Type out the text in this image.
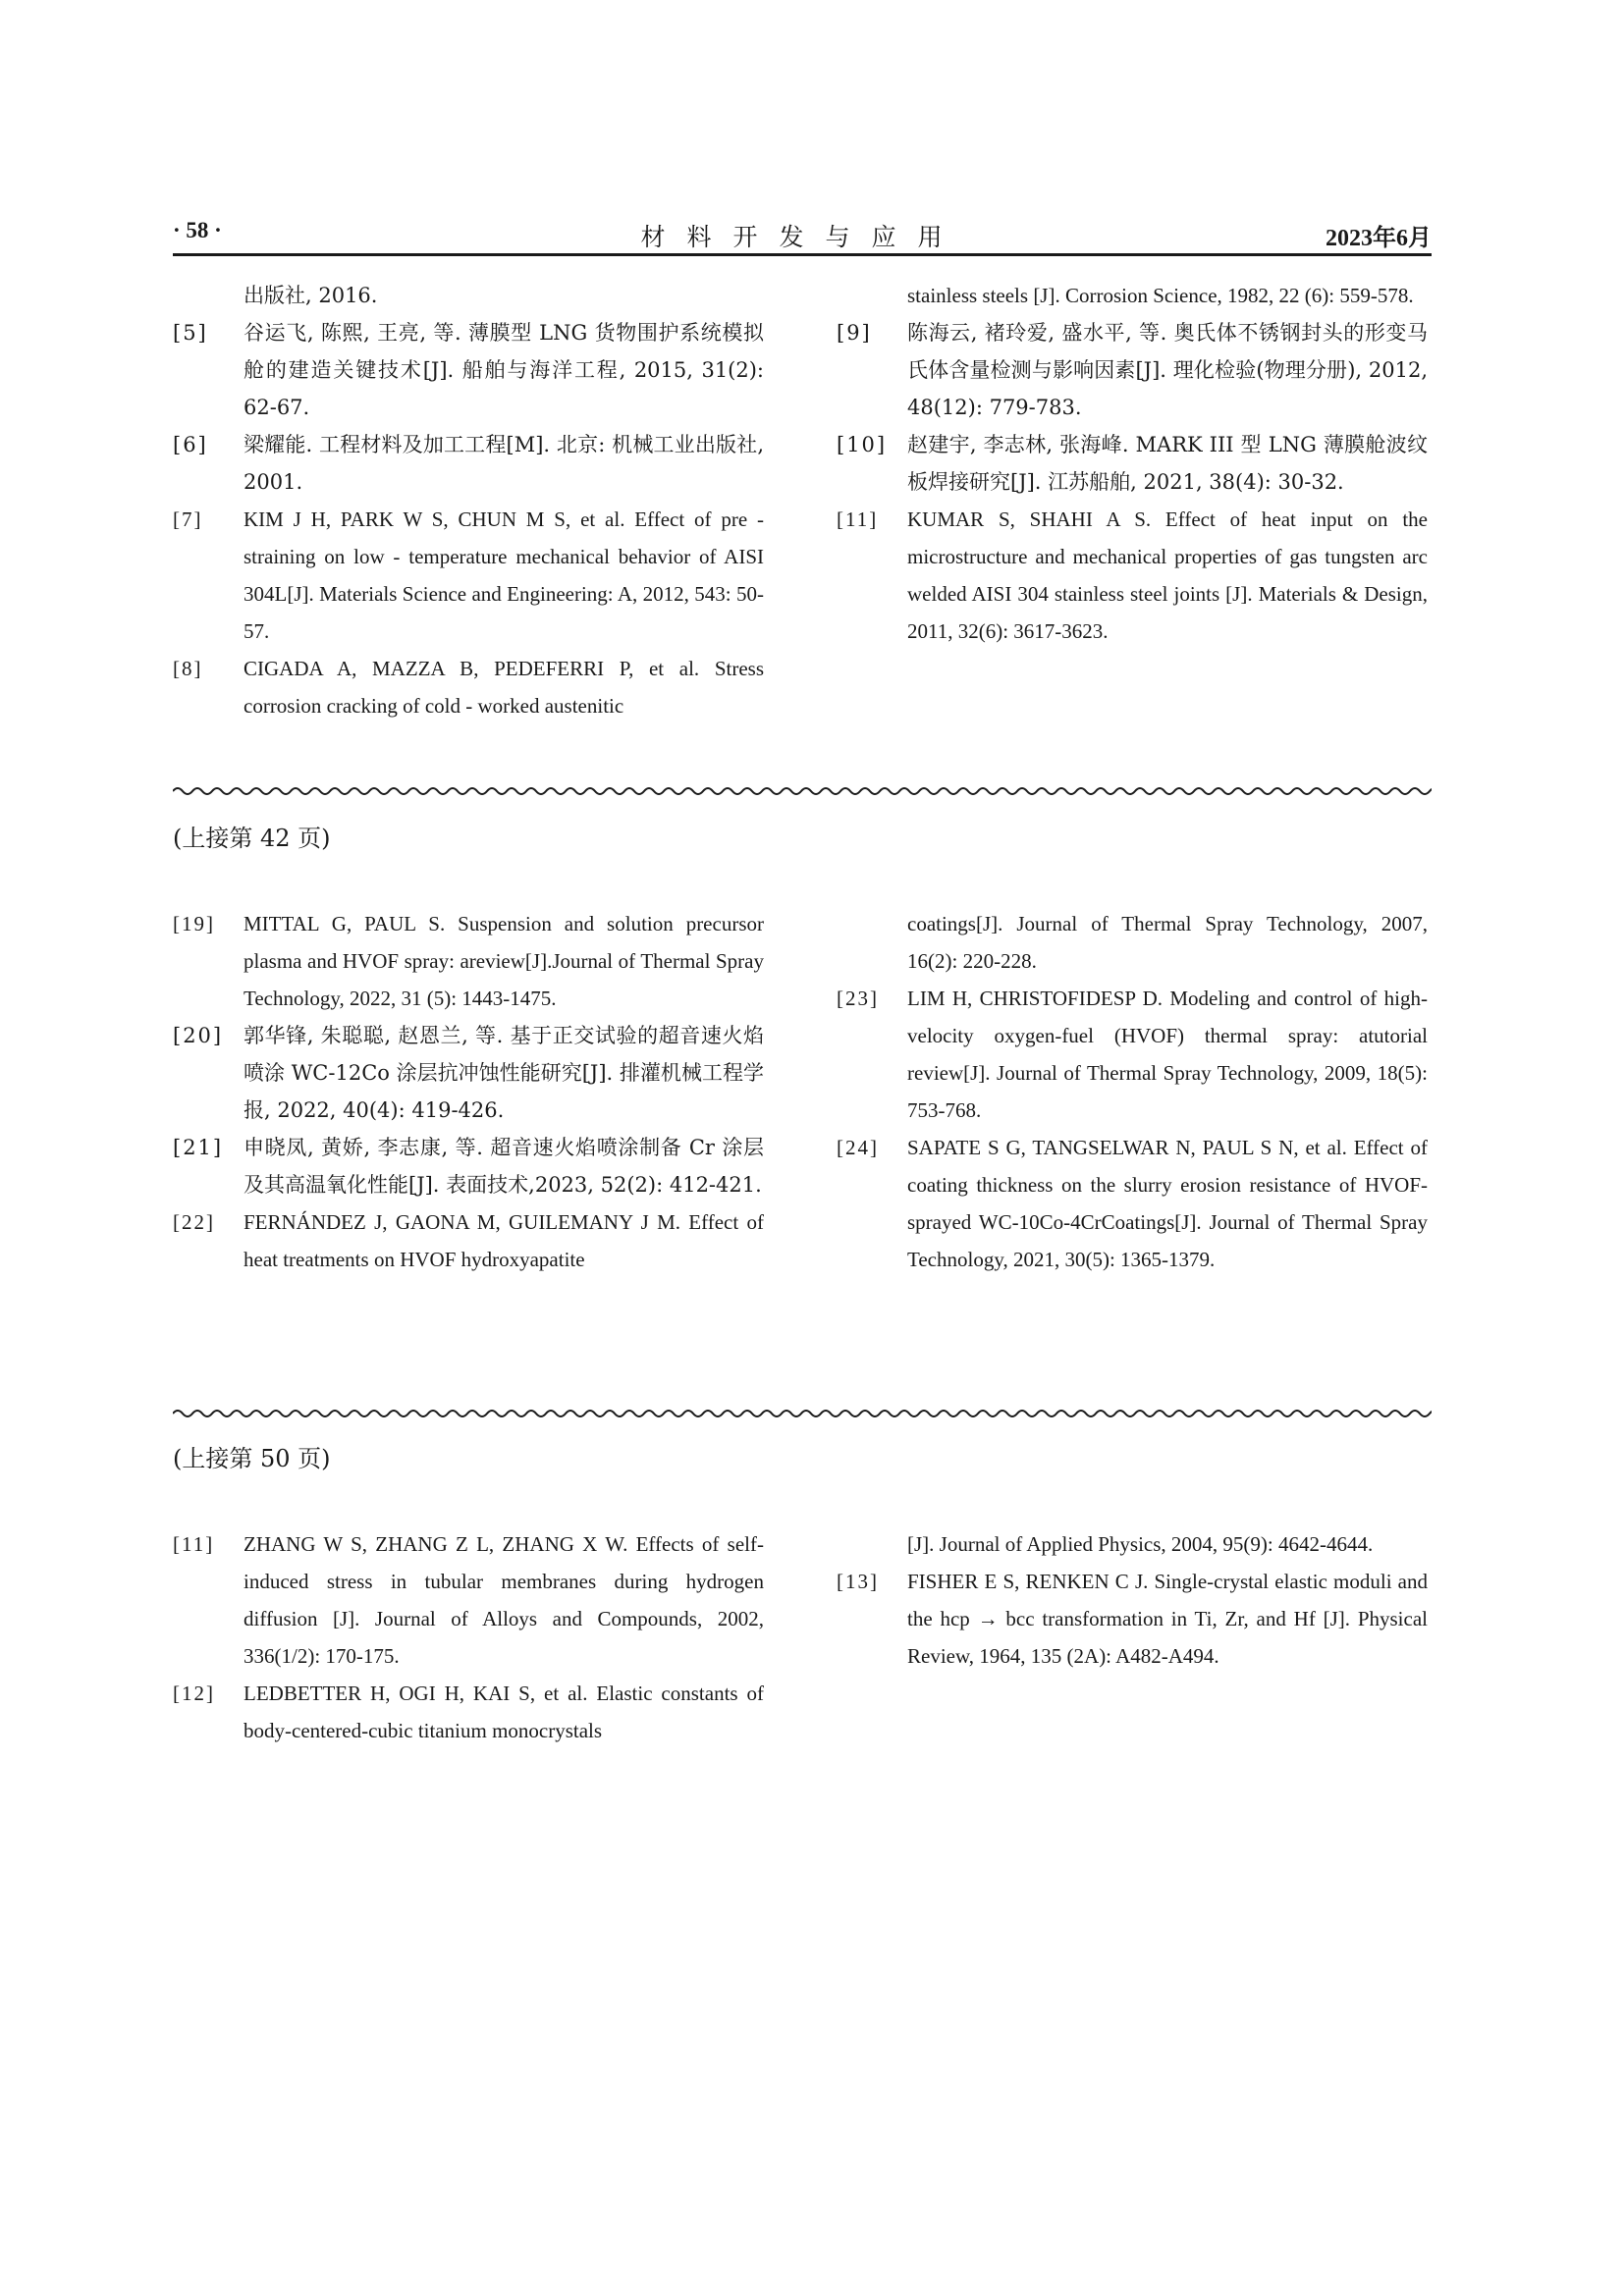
· 58 ·	材料开发与应用	2023年6月
出版社, 2016.
[5] 谷运飞, 陈熙, 王亮, 等. 薄膜型 LNG 货物围护系统模拟舱的建造关键技术[J]. 船舶与海洋工程, 2015, 31(2): 62-67.
[6] 梁耀能. 工程材料及加工工程[M]. 北京: 机械工业出版社, 2001.
[7] KIM J H, PARK W S, CHUN M S, et al. Effect of pre - straining on low - temperature mechanical behavior of AISI 304L[J]. Materials Science and Engineering: A, 2012, 543: 50-57.
[8] CIGADA A, MAZZA B, PEDEFERRI P, et al. Stress corrosion cracking of cold - worked austenitic
stainless steels [J]. Corrosion Science, 1982, 22 (6): 559-578.
[9] 陈海云, 褚玲爱, 盛水平, 等. 奥氏体不锈钢封头的形变马氏体含量检测与影响因素[J]. 理化检验(物理分册), 2012, 48(12): 779-783.
[10] 赵建宇, 李志林, 张海峰. MARK III 型 LNG 薄膜舱波纹板焊接研究[J]. 江苏船舶, 2021, 38(4): 30-32.
[11] KUMAR S, SHAHI A S. Effect of heat input on the microstructure and mechanical properties of gas tungsten arc welded AISI 304 stainless steel joints [J]. Materials & Design, 2011, 32(6): 3617-3623.
(上接第 42 页)
[19] MITTAL G, PAUL S. Suspension and solution precursor plasma and HVOF spray: areview[J].Journal of Thermal Spray Technology, 2022, 31 (5): 1443-1475.
[20] 郭华锋, 朱聪聪, 赵恩兰, 等. 基于正交试验的超音速火焰喷涂 WC-12Co 涂层抗冲蚀性能研究[J]. 排灌机械工程学报, 2022, 40(4): 419-426.
[21] 申晓凤, 黄娇, 李志康, 等. 超音速火焰喷涂制备 Cr 涂层及其高温氧化性能[J]. 表面技术,2023, 52(2): 412-421.
[22] FERNÁNDEZ J, GAONA M, GUILEMANY J M. Effect of heat treatments on HVOF hydroxyapatite
coatings[J]. Journal of Thermal Spray Technology, 2007, 16(2): 220-228.
[23] LIM H, CHRISTOFIDESP D. Modeling and control of high-velocity oxygen-fuel (HVOF) thermal spray: atutorial review[J]. Journal of Thermal Spray Technology, 2009, 18(5): 753-768.
[24] SAPATE S G, TANGSELWAR N, PAUL S N, et al. Effect of coating thickness on the slurry erosion resistance of HVOF-sprayed WC-10Co-4CrCoatings[J]. Journal of Thermal Spray Technology, 2021, 30(5): 1365-1379.
(上接第 50 页)
[11] ZHANG W S, ZHANG Z L, ZHANG X W. Effects of self-induced stress in tubular membranes during hydrogen diffusion [J]. Journal of Alloys and Compounds, 2002, 336(1/2): 170-175.
[12] LEDBETTER H, OGI H, KAI S, et al. Elastic constants of body-centered-cubic titanium monocrystals
[J]. Journal of Applied Physics, 2004, 95(9): 4642-4644.
[13] FISHER E S, RENKEN C J. Single-crystal elastic moduli and the hcp → bcc transformation in Ti, Zr, and Hf [J]. Physical Review, 1964, 135 (2A): A482-A494.
